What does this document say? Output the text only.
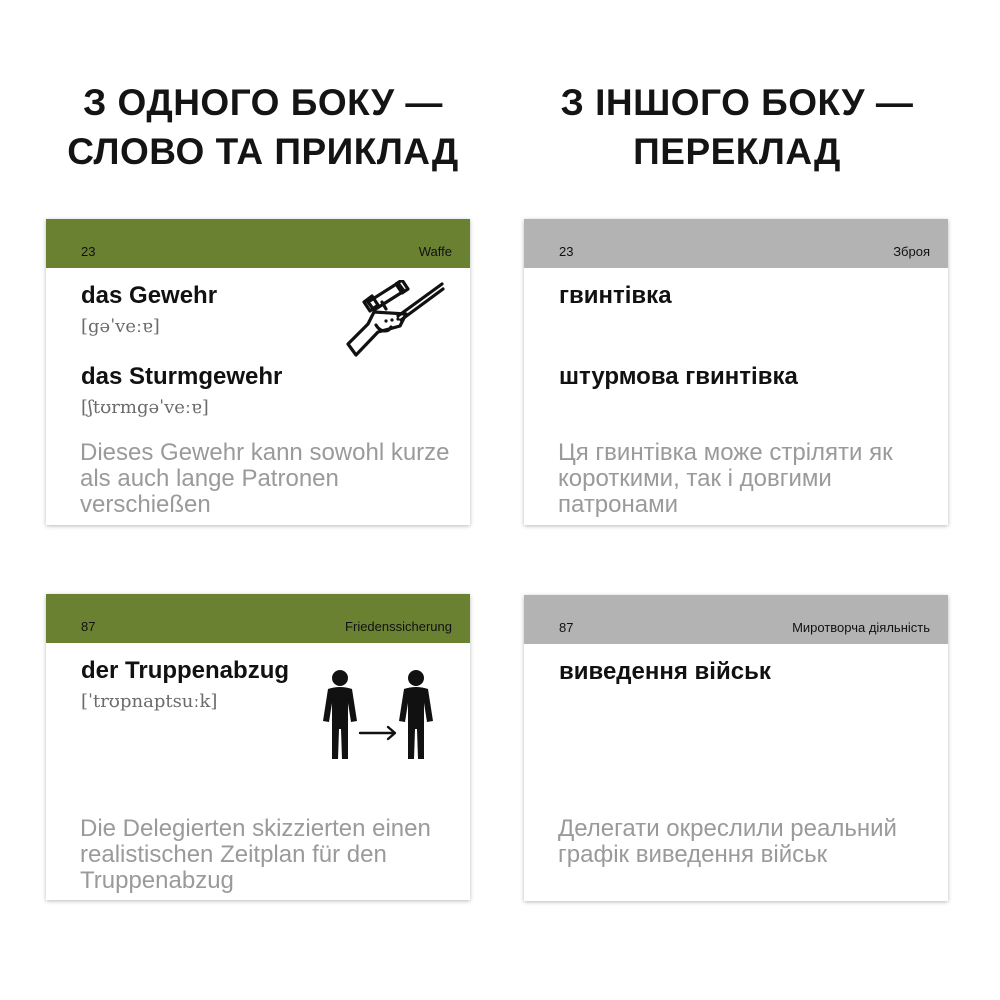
З ОДНОГО БОКУ —
СЛОВО ТА ПРИКЛАД
З ІНШОГО БОКУ —
ПЕРЕКЛАД
23	Waffe
das Gewehr
[gəˈveːɐ]
das Sturmgewehr
[ʃtʊrmgəˈveːɐ]
Dieses Gewehr kann sowohl kurze als auch lange Patronen verschießen
23	Зброя
гвинтівка
штурмова гвинтівка
Ця гвинтівка може стріляти як короткими, так і довгими патронами
87	Friedenssicherung
der Truppenabzug
[ˈtrʊpnaptsuːk]
Die Delegierten skizzierten einen realistischen Zeitplan für den Truppenabzug
87	Миротворча діяльність
виведення військ
Делегати окреслили реальний графік виведення військ
